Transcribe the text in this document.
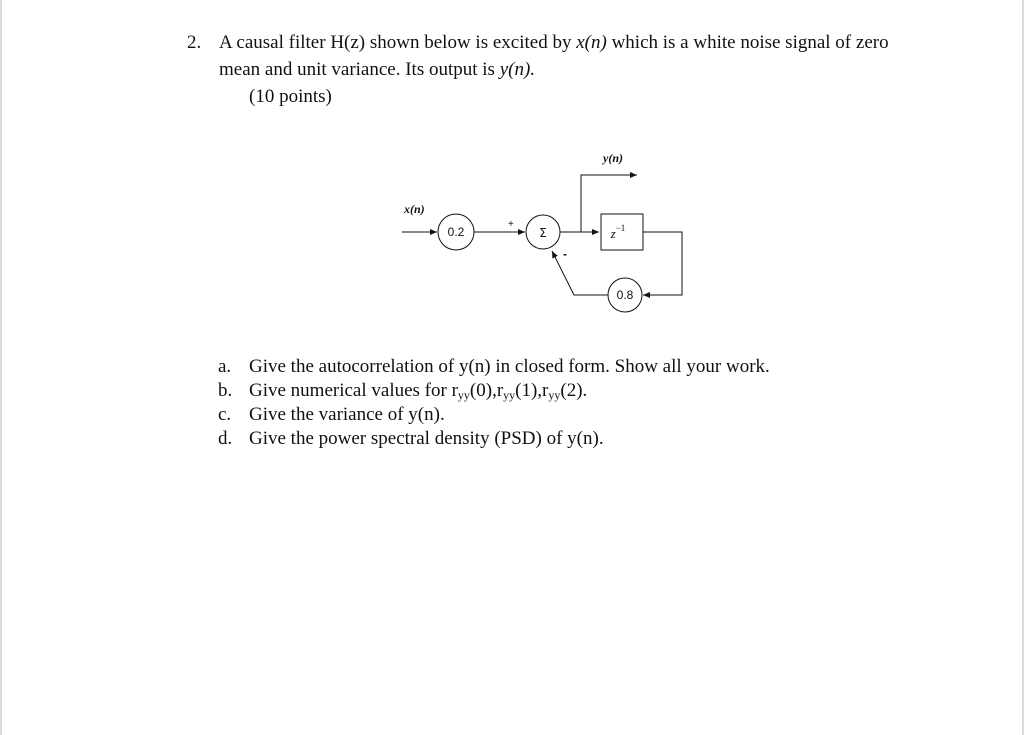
2. A causal filter H(z) shown below is excited by x(n) which is a white noise signal of zero mean and unit variance. Its output is y(n).
(10 points)
x(n)
0.2
+
Σ
-
y(n)
$z^{-1}$
0.8
a. Give the autocorrelation of y(n) in closed form. Show all your work.
b. Give numerical values for $r_{yy}(0),r_{yy}(1),r_{yy}(2)$.
c. Give the variance of y(n).
d. Give the power spectral density (PSD) of y(n).
